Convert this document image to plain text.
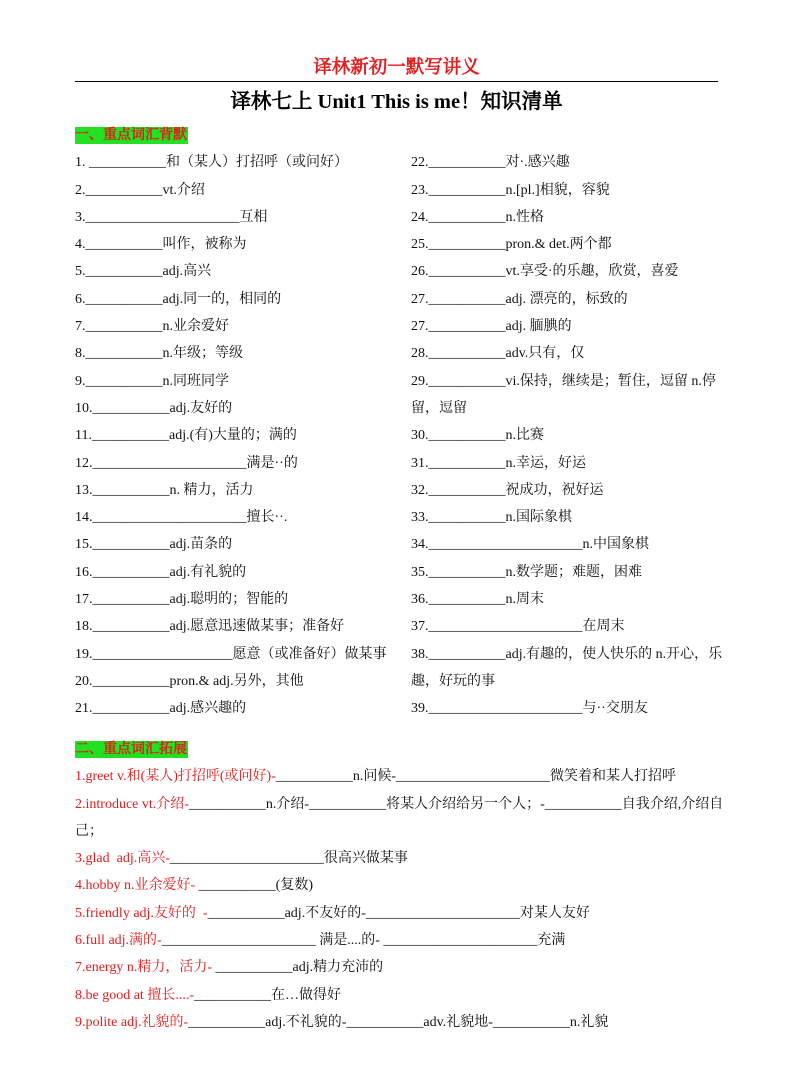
译林新初一默写讲义
译林七上 Unit1 This is me！知识清单
一、重点词汇背默
1. ___________和（某人）打招呼（或问好）
2.___________vt.介绍
3.______________________互相
4.___________叫作，被称为
5.___________adj.高兴
6.___________adj.同一的，相同的
7.___________n.业余爱好
8.___________n.年级；等级
9.___________n.同班同学
10.___________adj.友好的
11.___________adj.(有)大量的；满的
12.______________________满是··的
13.___________n. 精力，活力
14.______________________擅长··.
15.___________adj.苗条的
16.___________adj.有礼貌的
17.___________adj.聪明的；智能的
18.___________adj.愿意迅速做某事；准备好
19.____________________愿意（或准备好）做某事
20.___________pron.& adj.另外，其他
21.___________adj.感兴趣的
22.___________对·.感兴趣
23.___________n.[pl.]相貌，容貌
24.___________n.性格
25.___________pron.& det.两个都
26.___________vt.享受·的乐趣，欣赏，喜爱
27.___________adj. 漂亮的，标致的
27.___________adj. 腼腆的
28.___________adv.只有，仅
29.___________vi.保持，继续是；暂住，逗留 n.停留，逗留
30.___________n.比赛
31.___________n.幸运，好运
32.___________祝成功，祝好运
33.___________n.国际象棋
34.______________________n.中国象棋
35.___________n.数学题；难题，困难
36.___________n.周末
37.______________________在周末
38.___________adj.有趣的，使人快乐的 n.开心，乐趣，好玩的事
39.______________________与··交朋友
二、重点词汇拓展
1.greet v.和(某人)打招呼(或问好)-___________n.问候-______________________微笑着和某人打招呼
2.introduce vt.介绍-___________n.介绍-___________将某人介绍给另一个人；-___________自我介绍,介绍自己；
3.glad  adj.高兴-______________________很高兴做某事
4.hobby n.业余爱好- ___________(复数)
5.friendly adj.友好的  -___________adj.不友好的-______________________对某人友好
6.full adj.满的-______________________ 满是....的- ______________________充满
7.energy n.精力，活力- ___________adj.精力充沛的
8.be good at 擅长....-___________在…做得好
9.polite adj.礼貌的-___________adj.不礼貌的-___________adv.礼貌地-___________n.礼貌
